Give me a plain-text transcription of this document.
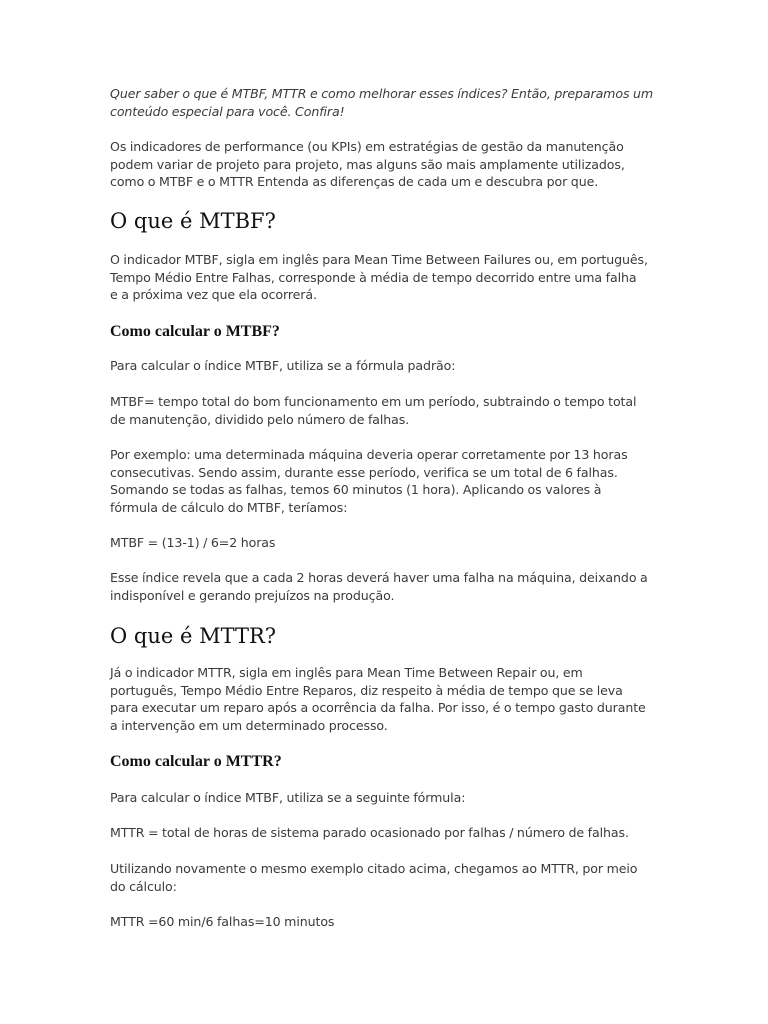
Quer saber o que é MTBF, MTTR e como melhorar esses índices? Então, preparamos um
conteúdo especial para você. Confira!

Os indicadores de performance (ou KPIs) em estratégias de gestão da manutenção
podem variar de projeto para projeto, mas alguns são mais amplamente utilizados,
como o MTBF e o MTTR Entenda as diferenças de cada um e descubra por que.

O que é MTBF?

O indicador MTBF, sigla em inglês para Mean Time Between Failures ou, em português,
Tempo Médio Entre Falhas, corresponde à média de tempo decorrido entre uma falha
e a próxima vez que ela ocorrerá.

Como calcular o MTBF?

Para calcular o índice MTBF, utiliza se a fórmula padrão:

MTBF= tempo total do bom funcionamento em um período, subtraindo o tempo total
de manutenção, dividido pelo número de falhas.

Por exemplo: uma determinada máquina deveria operar corretamente por 13 horas
consecutivas. Sendo assim, durante esse período, verifica se um total de 6 falhas.
Somando se todas as falhas, temos 60 minutos (1 hora). Aplicando os valores à
fórmula de cálculo do MTBF, teríamos:

MTBF = (13-1) / 6=2 horas

Esse índice revela que a cada 2 horas deverá haver uma falha na máquina, deixando a
indisponível e gerando prejuízos na produção.

O que é MTTR?

Já o indicador MTTR, sigla em inglês para Mean Time Between Repair ou, em
português, Tempo Médio Entre Reparos, diz respeito à média de tempo que se leva
para executar um reparo após a ocorrência da falha. Por isso, é o tempo gasto durante
a intervenção em um determinado processo.

Como calcular o MTTR?

Para calcular o índice MTBF, utiliza se a seguinte fórmula:

MTTR = total de horas de sistema parado ocasionado por falhas / número de falhas.

Utilizando novamente o mesmo exemplo citado acima, chegamos ao MTTR, por meio
do cálculo:

MTTR =60 min/6 falhas=10 minutos
